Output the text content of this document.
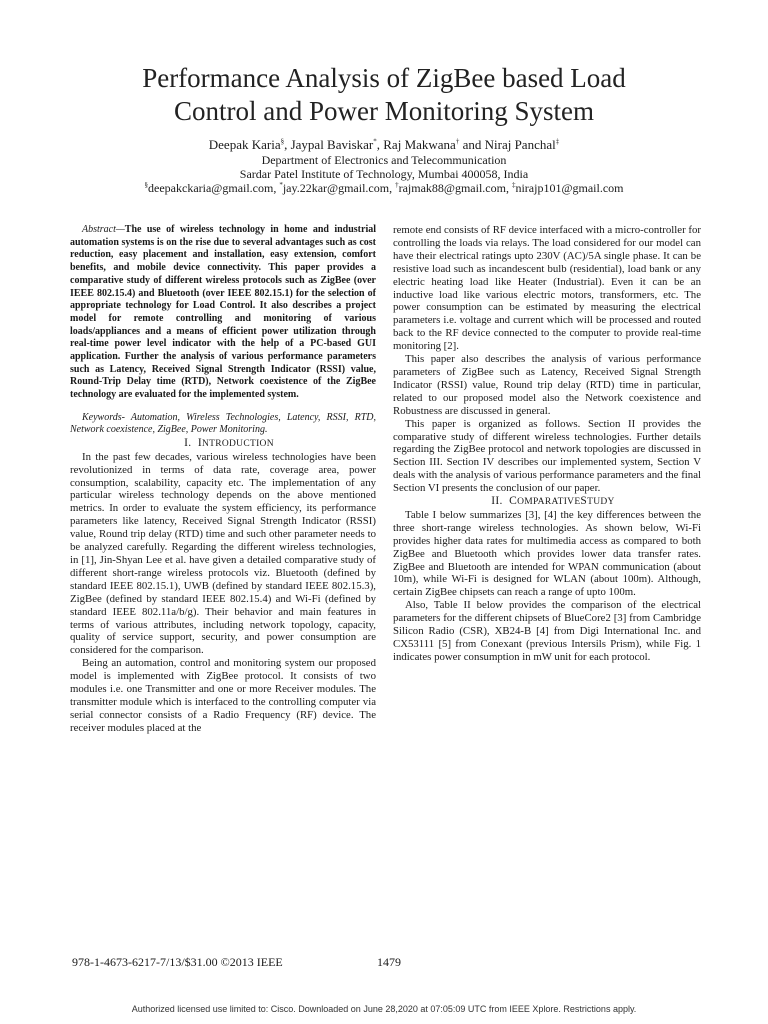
Performance Analysis of ZigBee based Load
Control and Power Monitoring System
Deepak Karia§, Jaypal Baviskar*, Raj Makwana† and Niraj Panchal‡
Department of Electronics and Telecommunication
Sardar Patel Institute of Technology, Mumbai 400058, India
§deepakckaria@gmail.com, *jay.22kar@gmail.com, †rajmak88@gmail.com, ‡nirajp101@gmail.com

Abstract—The use of wireless technology in home and industrial automation systems is on the rise due to several advantages such as cost reduction, easy placement and installation, easy extension, comfort benefits, and mobile device connectivity. This paper provides a comparative study of different wireless protocols such as ZigBee (over IEEE 802.15.4) and Bluetooth (over IEEE 802.15.1) for the selection of appropriate technology for Load Control. It also describes a project model for remote controlling and monitoring of various loads/appliances and a means of efficient power utilization through real-time power level indicator with the help of a PC-based GUI application. Further the analysis of various performance parameters such as Latency, Received Signal Strength Indicator (RSSI) value, Round-Trip Delay time (RTD), Network coexistence of the ZigBee technology are evaluated for the implemented system.

Keywords- Automation, Wireless Technologies, Latency, RSSI, RTD, Network coexistence, ZigBee, Power Monitoring.

I. INTRODUCTION

In the past few decades, various wireless technologies have been revolutionized in terms of data rate, coverage area, power consumption, scalability, capacity etc. The implementation of any particular wireless technology depends on the above mentioned metrics. In order to evaluate the system efficiency, its performance parameters like latency, Received Signal Strength Indicator (RSSI) value, Round trip delay (RTD) time and such other parameter needs to be analyzed carefully. Regarding the different wireless technologies, in [1], Jin-Shyan Lee et al. have given a detailed comparative study of different short-range wireless protocols viz. Bluetooth (defined by standard IEEE 802.15.1), UWB (defined by standard IEEE 802.15.3), ZigBee (defined by standard IEEE 802.15.4) and Wi-Fi (defined by standard IEEE 802.11a/b/g). Their behavior and main features in terms of various attributes, including network topology, capacity, quality of service support, security, and power consumption are considered for the comparison.

Being an automation, control and monitoring system our proposed model is implemented with ZigBee protocol. It consists of two modules i.e. one Transmitter and one or more Receiver modules. The transmitter module which is interfaced to the controlling computer via serial connector consists of a Radio Frequency (RF) device. The receiver modules placed at the

remote end consists of RF device interfaced with a micro-controller for controlling the loads via relays. The load considered for our model can have their electrical ratings upto 230V (AC)/5A single phase. It can be resistive load such as incandescent bulb (residential), load bank or any electric heating load like Heater (Industrial). Even it can be an inductive load like various electric motors, transformers, etc. The power consumption can be estimated by measuring the electrical parameters i.e. voltage and current which will be processed and routed back to the RF device connected to the computer to provide real-time monitoring [2].

This paper also describes the analysis of various performance parameters of ZigBee such as Latency, Received Signal Strength Indicator (RSSI) value, Round trip delay (RTD) time in particular, related to our proposed model also the Network coexistence and Robustness are discussed in general.

This paper is organized as follows. Section II provides the comparative study of different wireless technologies. Further details regarding the ZigBee protocol and network topologies are discussed in Section III. Section IV describes our implemented system, Section V deals with the analysis of various performance parameters and the final Section VI presents the conclusion of our paper.

II. COMPARATIVESTUDY

Table I below summarizes [3], [4] the key differences between the three short-range wireless technologies. As shown below, Wi-Fi provides higher data rates for multimedia access as compared to both ZigBee and Bluetooth which provides lower data transfer rates. ZigBee and Bluetooth are intended for WPAN communication (about 10m), while Wi-Fi is designed for WLAN (about 100m). Although, certain ZigBee chipsets can reach a range of upto 100m.

Also, Table II below provides the comparison of the electrical parameters for the different chipsets of BlueCore2 [3] from Cambridge Silicon Radio (CSR), XB24-B [4] from Digi International Inc. and CX53111 [5] from Conexant (previous Intersils Prism), while Fig. 1 indicates power consumption in mW unit for each protocol.

978-1-4673-6217-7/13/$31.00 ©2013 IEEE	1479
Authorized licensed use limited to: Cisco. Downloaded on June 28,2020 at 07:05:09 UTC from IEEE Xplore. Restrictions apply.
